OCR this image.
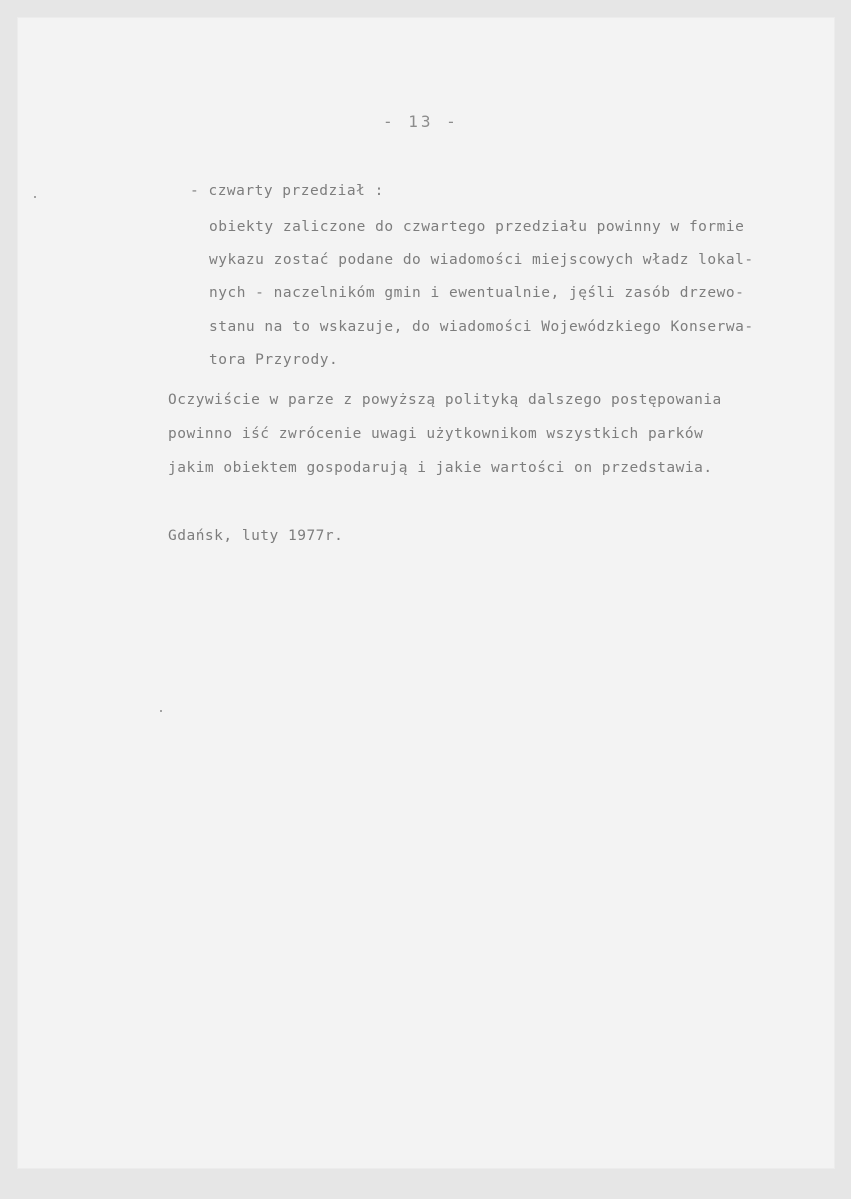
- 13 -
- czwarty przedział :
obiekty zaliczone do czwartego przedziału powinny w formie
wykazu zostać podane do wiadomości miejscowych władz lokal-
nych - naczelnikóm gmin i ewentualnie, jęśli zasób drzewo-
stanu na to wskazuje, do wiadomości Wojewódzkiego Konserwa-
tora Przyrody.
Oczywiście w parze z powyższą polityką dalszego postępowania
powinno iść zwrócenie uwagi użytkownikom wszystkich parków
jakim obiektem gospodarują i jakie wartości on przedstawia.
Gdańsk, luty 1977r.
